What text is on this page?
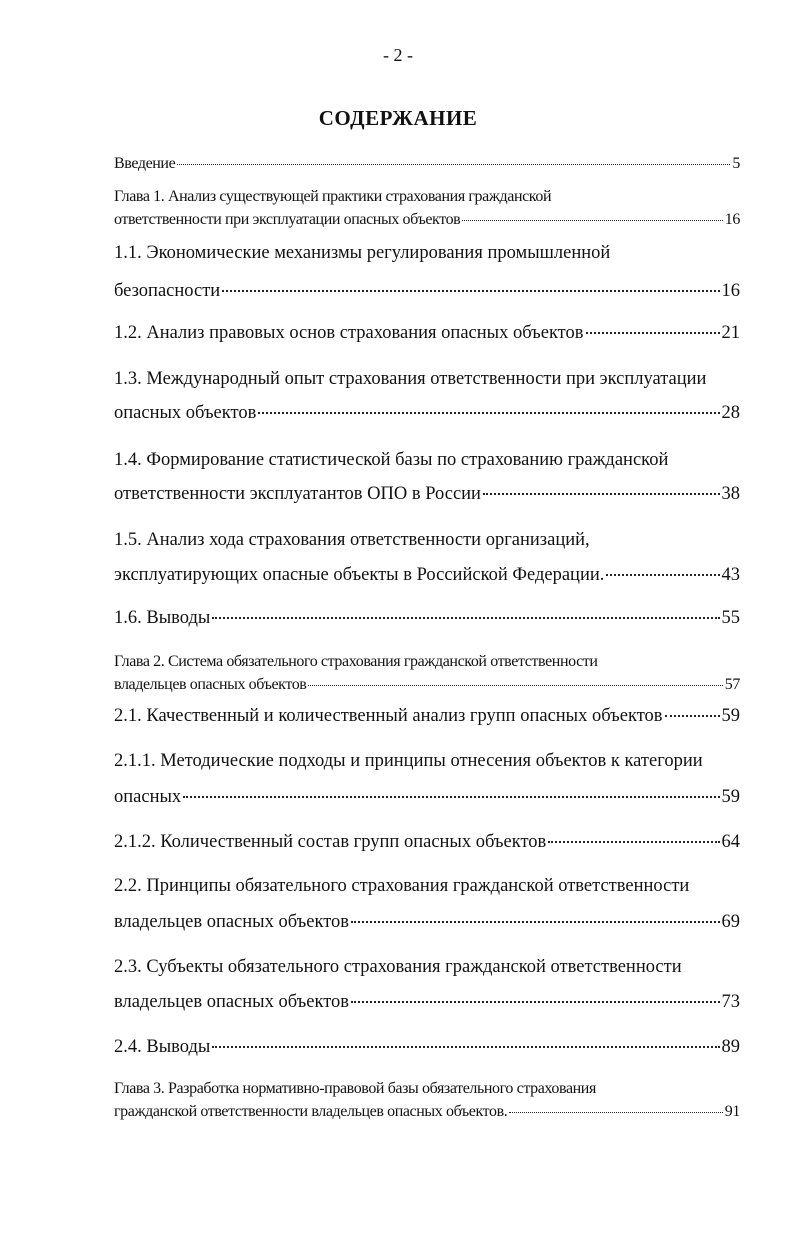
- 2 -
СОДЕРЖАНИЕ
Введение	5
Глава 1. Анализ существующей практики страхования гражданской
ответственности при эксплуатации опасных объектов	16
1.1. Экономические механизмы регулирования промышленной
безопасности	16
1.2. Анализ правовых основ страхования опасных объектов	21
1.3. Международный опыт страхования ответственности при эксплуатации
опасных объектов	28
1.4. Формирование статистической базы по страхованию гражданской
ответственности эксплуатантов ОПО в России	38
1.5. Анализ хода страхования ответственности организаций,
эксплуатирующих опасные объекты в Российской Федерации.	43
1.6. Выводы	55
Глава 2. Система обязательного страхования гражданской ответственности
владельцев опасных объектов	57
2.1. Качественный и количественный анализ групп опасных объектов	59
2.1.1. Методические подходы и принципы отнесения объектов к категории
опасных	59
2.1.2. Количественный состав групп опасных объектов	64
2.2. Принципы обязательного страхования гражданской ответственности
владельцев опасных объектов	69
2.3. Субъекты обязательного страхования гражданской ответственности
владельцев опасных объектов	73
2.4. Выводы	89
Глава 3. Разработка нормативно-правовой базы обязательного страхования
гражданской ответственности владельцев опасных объектов.	91
